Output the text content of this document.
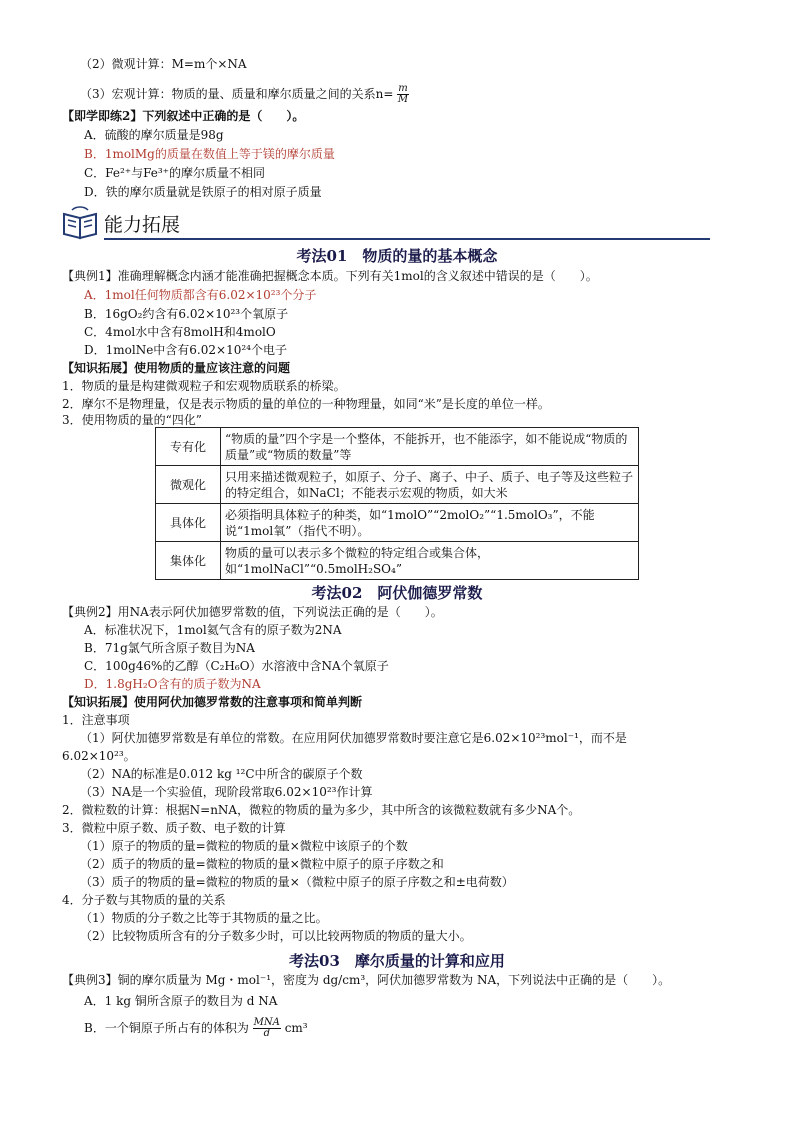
（2）微观计算：M=m个×NA
（3）宏观计算：物质的量、质量和摩尔质量之间的关系$n= \frac{m}{M}$
【即学即练2】下列叙述中正确的是（　　）。
A．硫酸的摩尔质量是98g
B．1molMg的质量在数值上等于镁的摩尔质量
C．Fe²⁺与Fe³⁺的摩尔质量不相同
D．铁的摩尔质量就是铁原子的相对原子质量
能力拓展
考法01　物质的量的基本概念
【典例1】准确理解概念内涵才能准确把握概念本质。下列有关1mol的含义叙述中错误的是（　　）。
A．1mol任何物质都含有6.02×10²³个分子
B．16gO₂约含有6.02×10²³个氧原子
C．4mol水中含有8molH和4molO
D．1molNe中含有6.02×10²⁴个电子
【知识拓展】使用物质的量应该注意的问题
1．物质的量是构建微观粒子和宏观物质联系的桥梁。
2．摩尔不是物理量，仅是表示物质的量的单位的一种物理量，如同“米”是长度的单位一样。
3．使用物质的量的“四化”
专有化	“物质的量”四个字是一个整体，不能拆开，也不能添字，如不能说成“物质的质量”或“物质的数量”等
微观化	只用来描述微观粒子，如原子、分子、离子、中子、质子、电子等及这些粒子的特定组合，如NaCl；不能表示宏观的物质，如大米
具体化	必须指明具体粒子的种类，如“1molO”“2molO₂”“1.5molO₃”，不能说“1mol氧”（指代不明）。
集体化	物质的量可以表示多个微粒的特定组合或集合体，如“1molNaCl”“0.5molH₂SO₄”
考法02　阿伏伽德罗常数
【典例2】用NA表示阿伏加德罗常数的值，下列说法正确的是（　　）。
A．标准状况下，1mol氦气含有的原子数为2NA
B．71g氯气所含原子数目为NA
C．100g46%的乙醇（C₂H₆O）水溶液中含NA个氧原子
D．1.8gH₂O含有的质子数为NA
【知识拓展】使用阿伏加德罗常数的注意事项和简单判断
1．注意事项
（1）阿伏加德罗常数是有单位的常数。在应用阿伏加德罗常数时要注意它是6.02×10²³mol⁻¹，而不是
6.02×10²³。
（2）NA的标准是0.012 kg ¹²C中所含的碳原子个数
（3）NA是一个实验值，现阶段常取6.02×10²³作计算
2．微粒数的计算：根据N=nNA，微粒的物质的量为多少，其中所含的该微粒数就有多少NA个。
3．微粒中原子数、质子数、电子数的计算
（1）原子的物质的量=微粒的物质的量×微粒中该原子的个数
（2）质子的物质的量=微粒的物质的量×微粒中原子的原子序数之和
（3）质子的物质的量=微粒的物质的量×（微粒中原子的原子序数之和±电荷数）
4．分子数与其物质的量的关系
（1）物质的分子数之比等于其物质的量之比。
（2）比较物质所含有的分子数多少时，可以比较两物质的物质的量大小。
考法03　摩尔质量的计算和应用
【典例3】铜的摩尔质量为 Mg・mol⁻¹，密度为 dg/cm³，阿伏加德罗常数为 NA，下列说法中正确的是（　　）。
A．1 kg 铜所含原子的数目为 d NA
B．一个铜原子所占有的体积为 $\frac{\text{MNA}}{d} cm^3$
